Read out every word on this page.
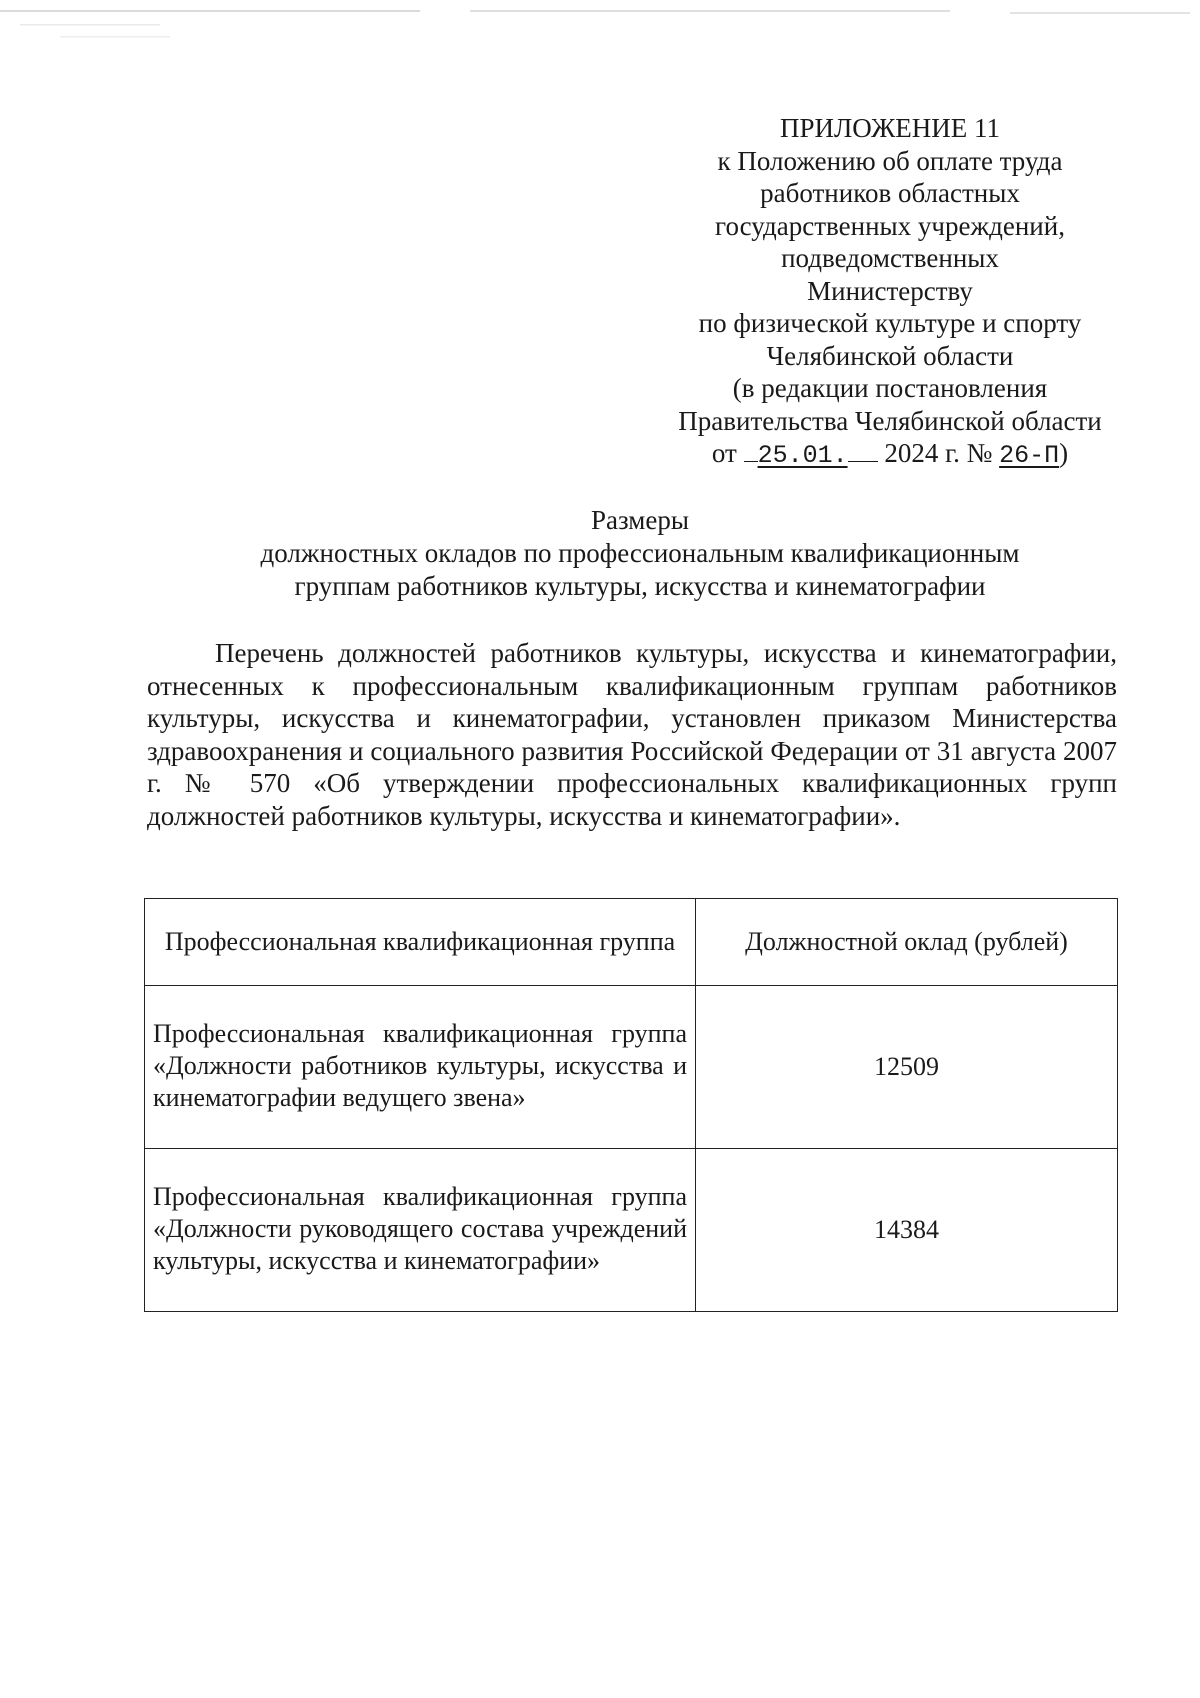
ПРИЛОЖЕНИЕ 11
к Положению об оплате труда
работников областных
государственных учреждений,
подведомственных
Министерству
по физической культуре и спорту
Челябинской области
(в редакции постановления
Правительства Челябинской области
от 25.01. 2024 г. № 26-П)
Размеры
должностных окладов по профессиональным квалификационным
группам работников культуры, искусства и кинематографии
Перечень должностей работников культуры, искусства и кинематографии, отнесенных к профессиональным квалификационным группам работников культуры, искусства и кинематографии, установлен приказом Министерства здравоохранения и социального развития Российской Федерации от 31 августа 2007 г. № 570 «Об утверждении профессиональных квалификационных групп должностей работников культуры, искусства и кинематографии».
Профессиональная квалификационная группа	Должностной оклад (рублей)
Профессиональная квалификационная группа «Должности работников культуры, искусства и кинематографии ведущего звена»	12509
Профессиональная квалификационная группа «Должности руководящего состава учреждений культуры, искусства и кинематографии»	14384
